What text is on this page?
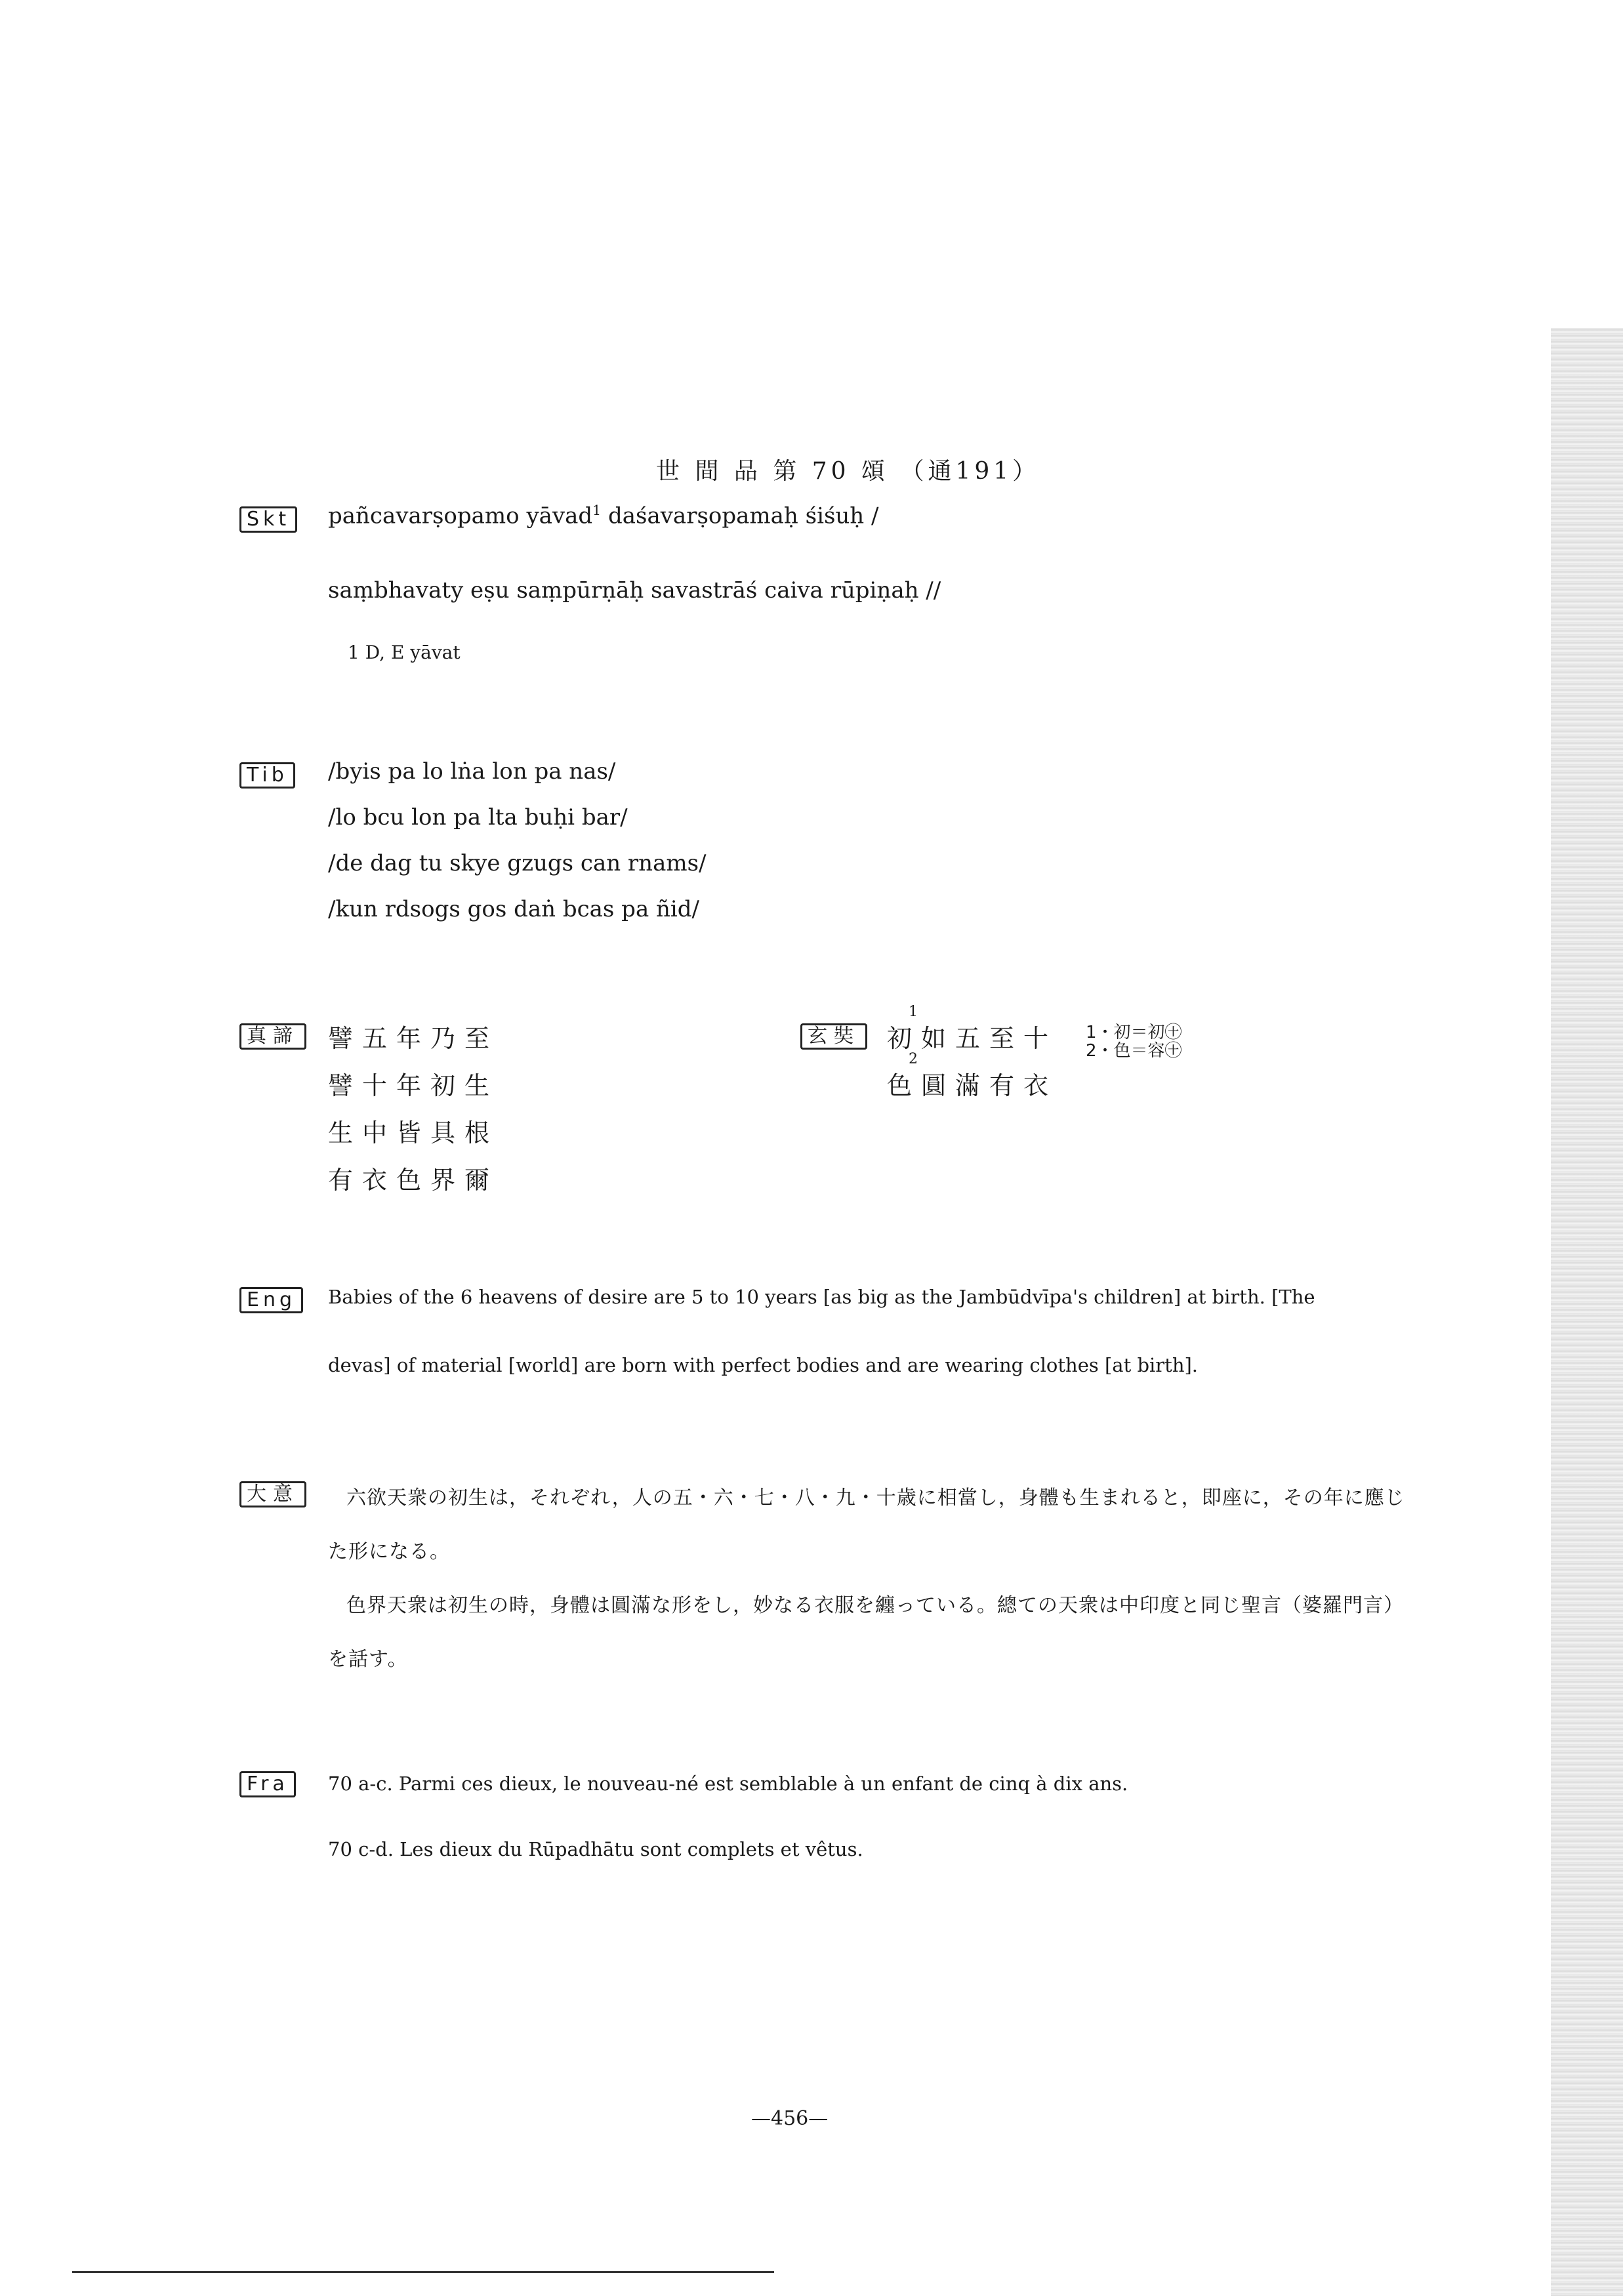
世 間 品 第 70 頌 （通191）
Skt	pañcavarṣopamo yāvad$^1$ daśavarṣopamaḥ śiśuḥ /
saṃbhavaty eṣu saṃpūrṇāḥ savastrāś caiva rūpiṇaḥ //
1 D, E yāvat
Tib	/byis pa lo lṅa lon pa nas/
/lo bcu lon pa lta buḥi bar/
/de dag tu skye gzugs can rnams/
/kun rdsogs gos daṅ bcas pa ñid/
真諦 譬五年乃至
譬十年初生
生中皆具根
有衣色界爾
玄奘
1
初如五至十
2
色圓滿有衣
1・初＝初㊉
2・色＝容㊉
Eng	Babies of the 6 heavens of desire are 5 to 10 years [as big as the Jambūdvīpa's children] at birth. [The
devas] of material [world] are born with perfect bodies and are wearing clothes [at birth].
大意	六欲天衆の初生は，それぞれ，人の五・六・七・八・九・十歳に相當し，身體も生まれると，即座に，その年に應じ
た形になる。
色界天衆は初生の時，身體は圓滿な形をし，妙なる衣服を纏っている。總ての天衆は中印度と同じ聖言（婆羅門言）
を話す。
Fra	70 a-c. Parmi ces dieux, le nouveau-né est semblable à un enfant de cinq à dix ans.
70 c-d. Les dieux du Rūpadhātu sont complets et vêtus.
—456—
